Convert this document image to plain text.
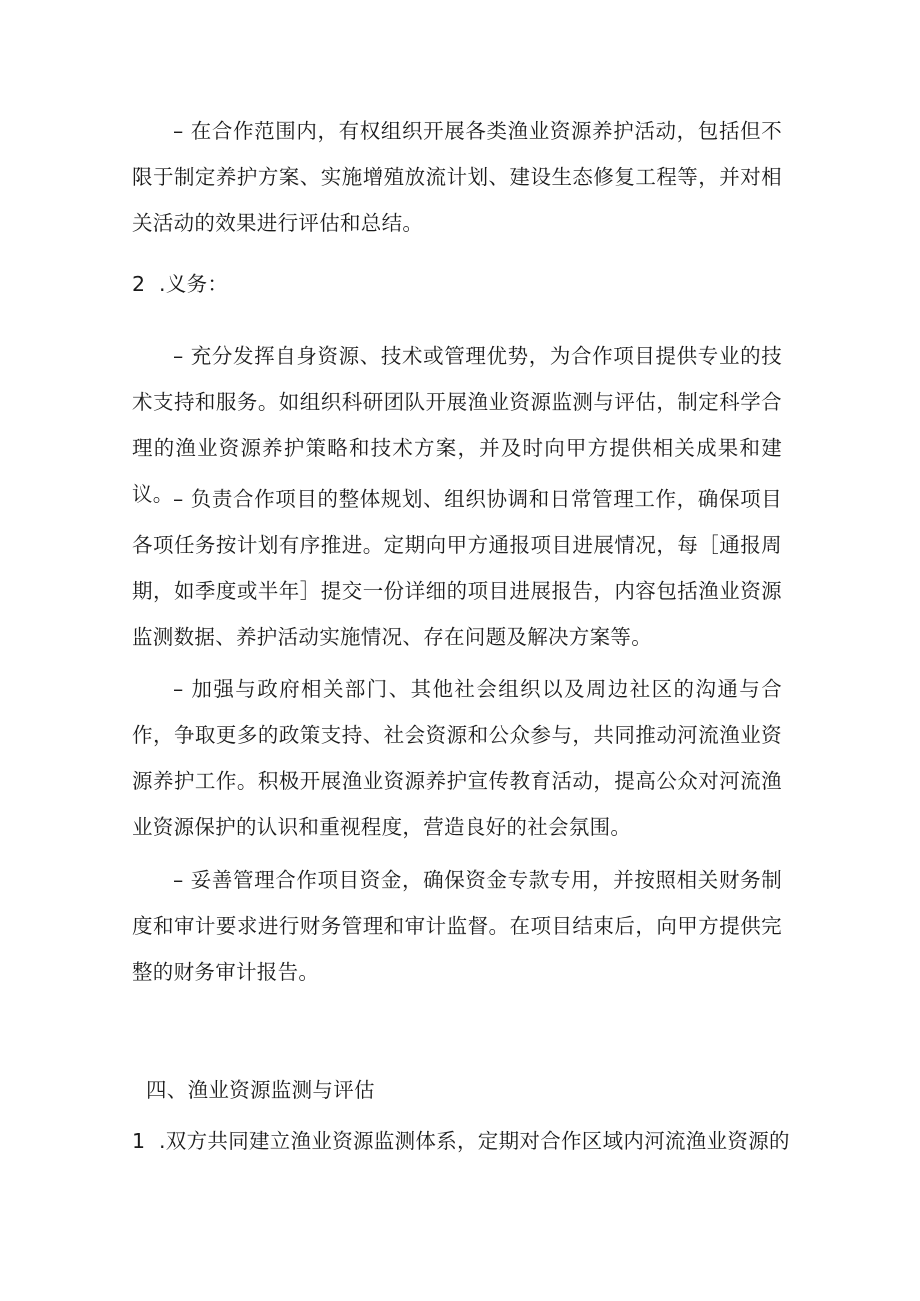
– 在合作范围内，有权组织开展各类渔业资源养护活动，包括但不限于制定养护方案、实施增殖放流计划、建设生态修复工程等，并对相关活动的效果进行评估和总结。

2  .义务：

– 充分发挥自身资源、技术或管理优势，为合作项目提供专业的技术支持和服务。如组织科研团队开展渔业资源监测与评估，制定科学合理的渔业资源养护策略和技术方案，并及时向甲方提供相关成果和建议。 – 负责合作项目的整体规划、组织协调和日常管理工作，确保项目各项任务按计划有序推进。定期向甲方通报项目进展情况，每［通报周期，如季度或半年］提交一份详细的项目进展报告，内容包括渔业资源监测数据、养护活动实施情况、存在问题及解决方案等。

– 加强与政府相关部门、其他社会组织以及周边社区的沟通与合作，争取更多的政策支持、社会资源和公众参与，共同推动河流渔业资源养护工作。积极开展渔业资源养护宣传教育活动，提高公众对河流渔业资源保护的认识和重视程度，营造良好的社会氛围。

– 妥善管理合作项目资金，确保资金专款专用，并按照相关财务制度和审计要求进行财务管理和审计监督。在项目结束后，向甲方提供完整的财务审计报告。

四、渔业资源监测与评估

1  .双方共同建立渔业资源监测体系，定期对合作区域内河流渔业资源的
